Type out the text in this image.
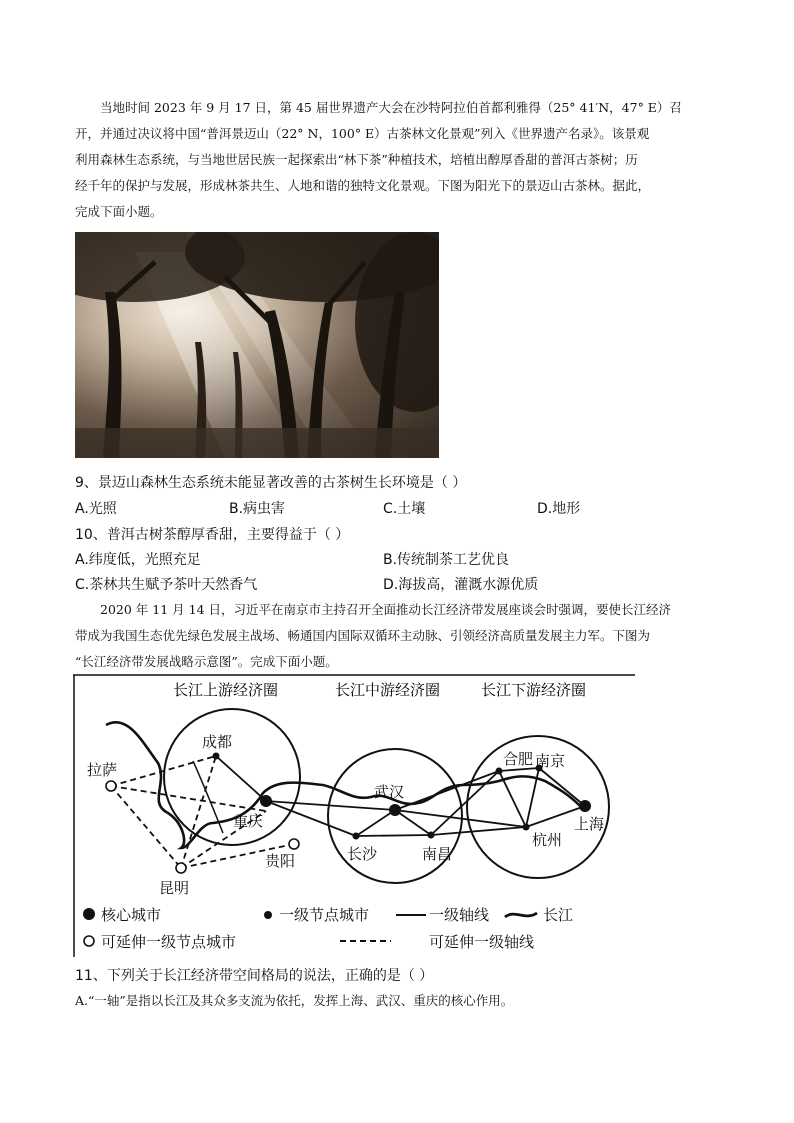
当地时间 2023 年 9 月 17 日，第 45 届世界遗产大会在沙特阿拉伯首都利雅得（25° 41′N，47° E）召
开，并通过决议将中国“普洱景迈山（22° N，100° E）古茶林文化景观”列入《世界遗产名录》。该景观
利用森林生态系统，与当地世居民族一起探索出“林下茶”种植技术，培植出醇厚香甜的普洱古茶树；历
经千年的保护与发展，形成林茶共生、人地和谐的独特文化景观。下图为阳光下的景迈山古茶林。据此，
完成下面小题。
9、景迈山森林生态系统未能显著改善的古茶树生长环境是（ ）
A.光照	B.病虫害	C.土壤	D.地形
10、普洱古树茶醇厚香甜，主要得益于（ ）
A.纬度低，光照充足	B.传统制茶工艺优良
C.茶林共生赋予茶叶天然香气	D.海拔高，灌溉水源优质
2020 年 11 月 14 日，习近平在南京市主持召开全面推动长江经济带发展座谈会时强调，要使长江经济
带成为我国生态优先绿色发展主战场、畅通国内国际双循环主动脉、引领经济高质量发展主力军。下图为
“长江经济带发展战略示意图”。完成下面小题。
长江上游经济圈	长江中游经济圈	长江下游经济圈
拉萨
成都
重庆
昆明
贵阳
武汉
长沙	南昌
合肥 南京
杭州
上海
核心城市	一级节点城市	一级轴线	长江
可延伸一级节点城市	可延伸一级轴线
11、下列关于长江经济带空间格局的说法，正确的是（ ）
A.“一轴”是指以长江及其众多支流为依托，发挥上海、武汉、重庆的核心作用。
